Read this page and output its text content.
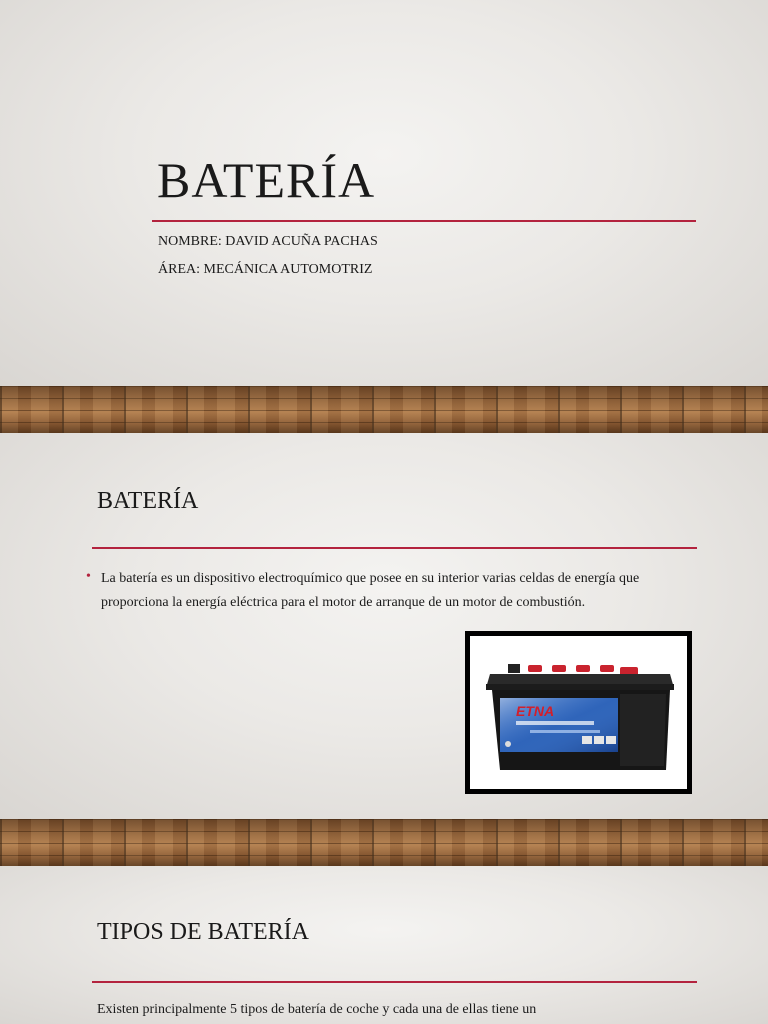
BATERÍA
NOMBRE: DAVID ACUÑA PACHAS
ÁREA: MECÁNICA AUTOMOTRIZ
BATERÍA
• La batería es un dispositivo electroquímico que posee en su interior varias celdas de energía que proporciona la energía eléctrica para el motor de arranque de un motor de combustión.

ETNA
TIPOS DE BATERÍA

Existen principalmente 5 tipos de batería de coche y cada una de ellas tiene un
